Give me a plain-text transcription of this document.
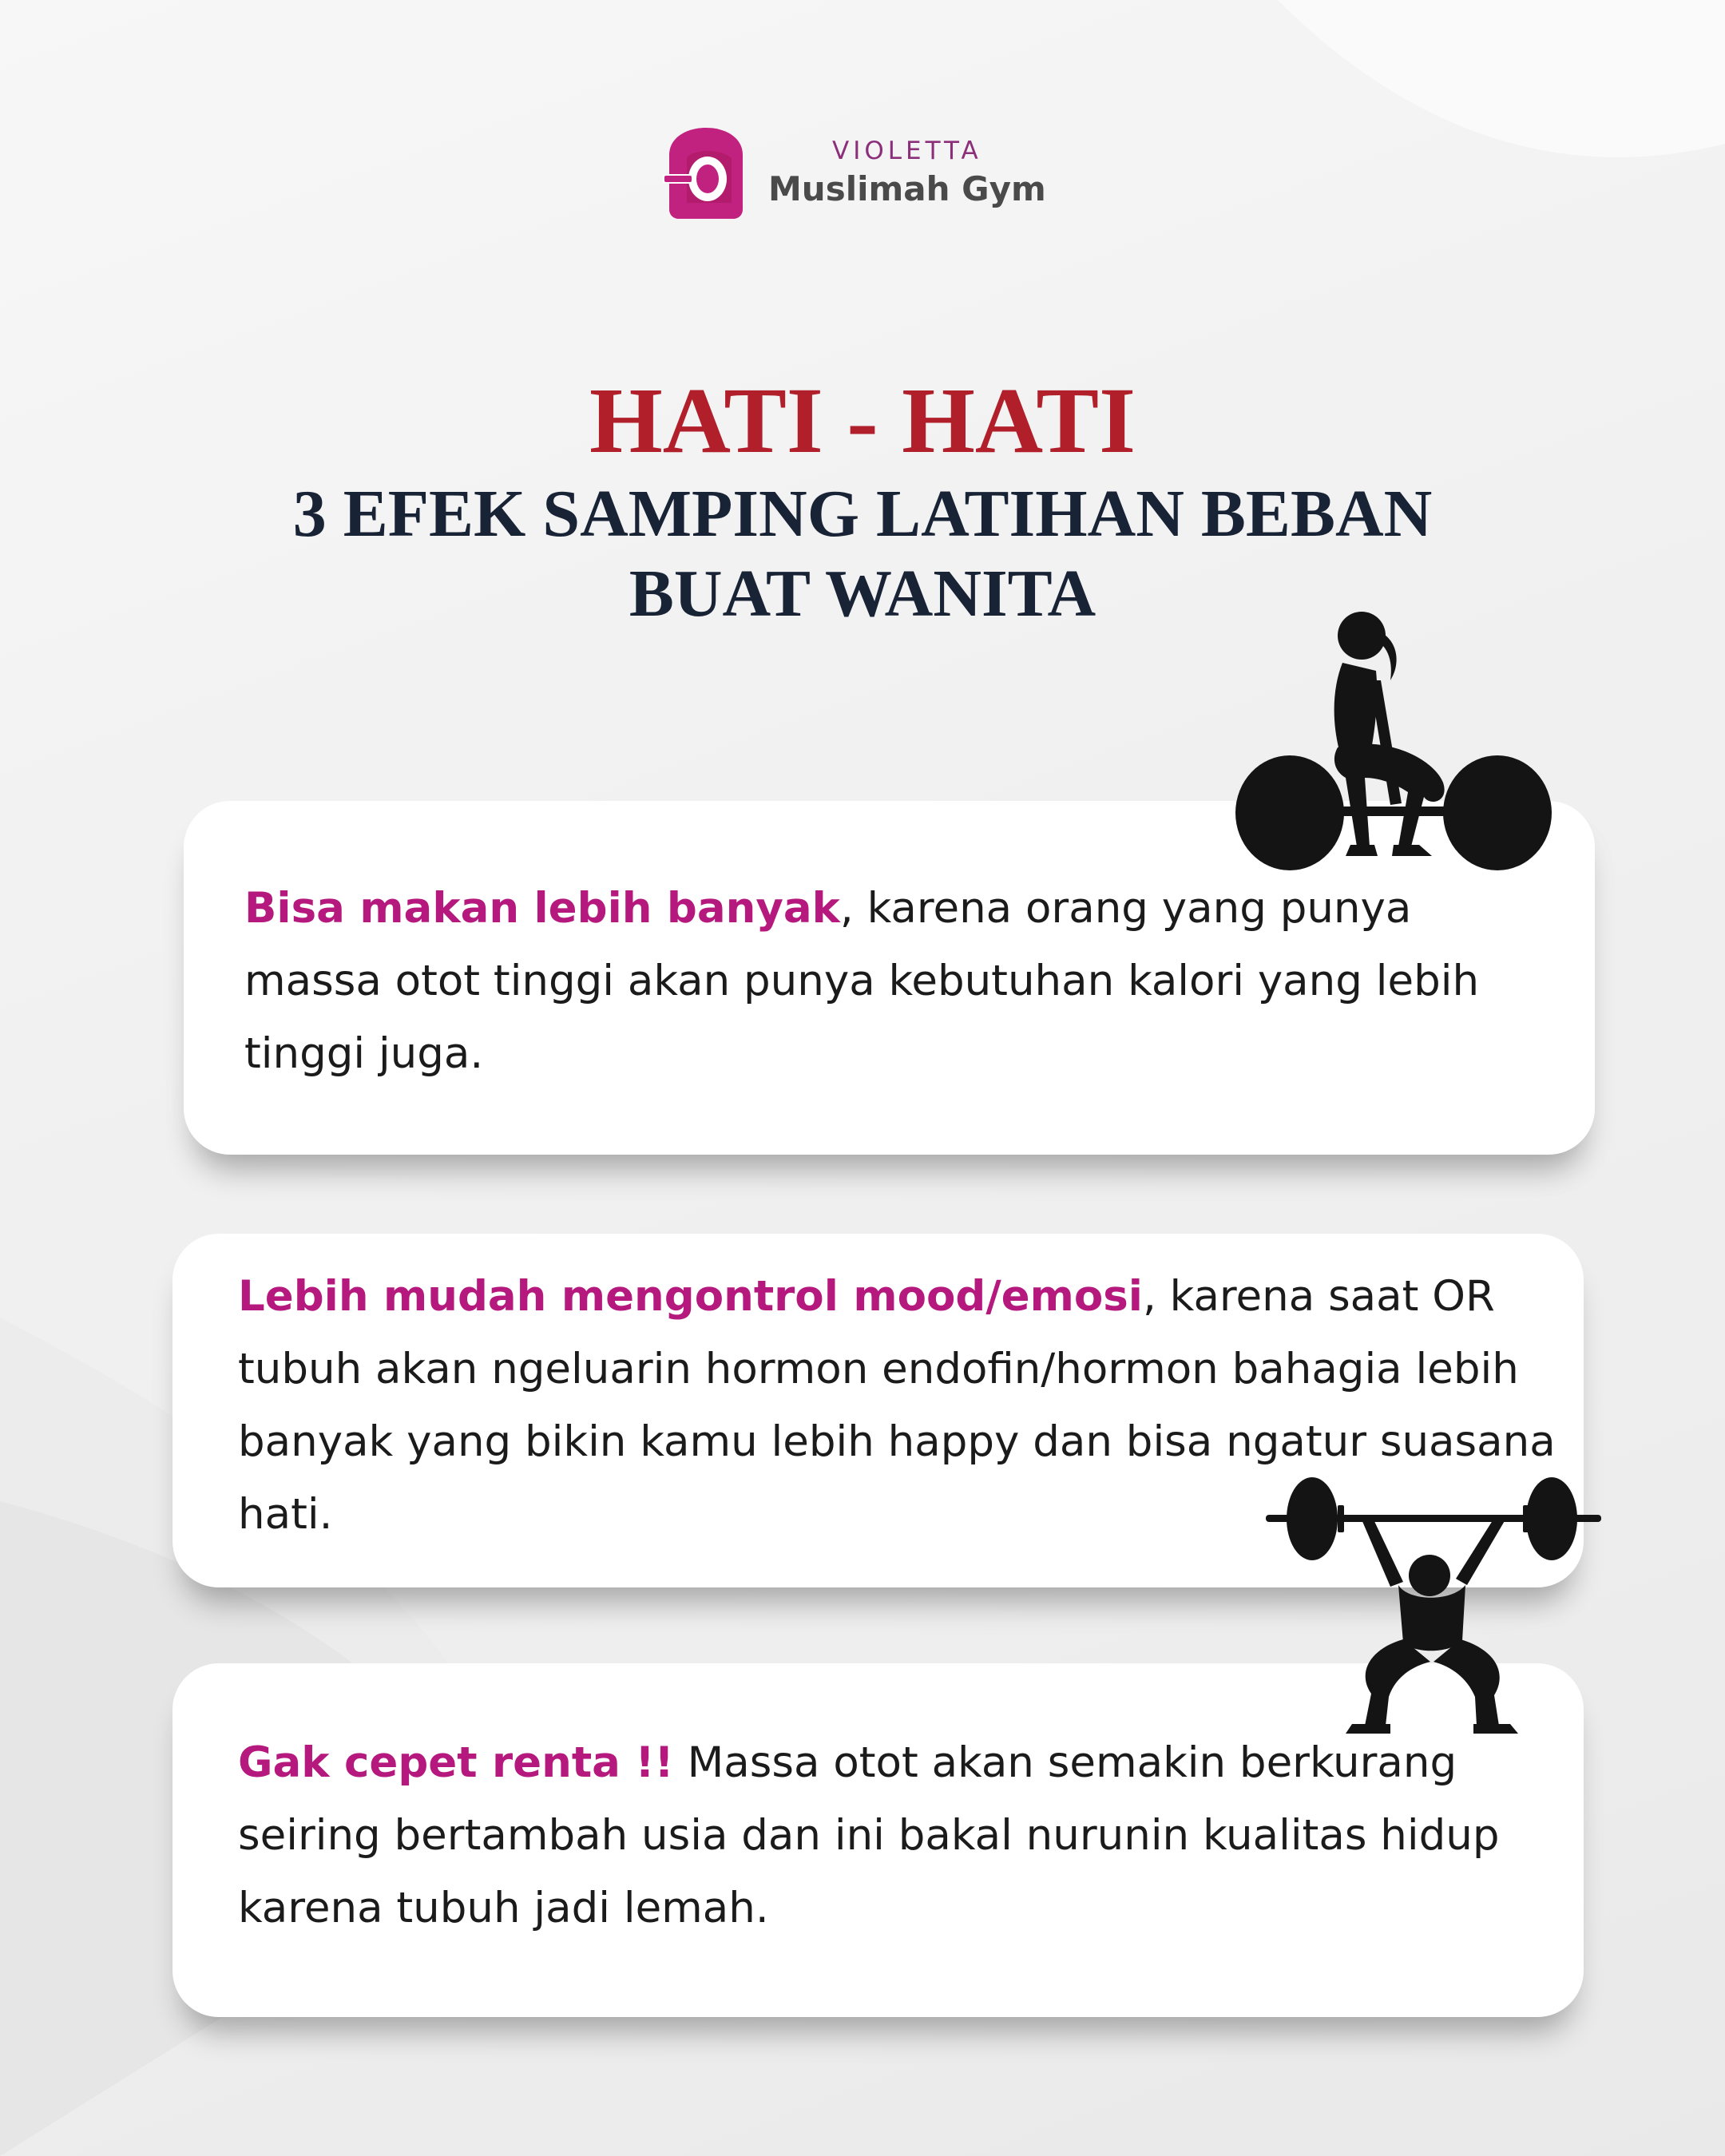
VIOLETTA
Muslimah Gym
HATI - HATI
3 EFEK SAMPING LATIHAN BEBAN
BUAT WANITA
Bisa makan lebih banyak, karena orang yang punya massa otot tinggi akan punya kebutuhan kalori yang lebih tinggi juga.
Lebih mudah mengontrol mood/emosi, karena saat OR tubuh akan ngeluarin hormon endofin/hormon bahagia lebih banyak yang bikin kamu lebih happy dan bisa ngatur suasana hati.
Gak cepet renta !! Massa otot akan semakin berkurang seiring bertambah usia dan ini bakal nurunin kualitas hidup karena tubuh jadi lemah.
